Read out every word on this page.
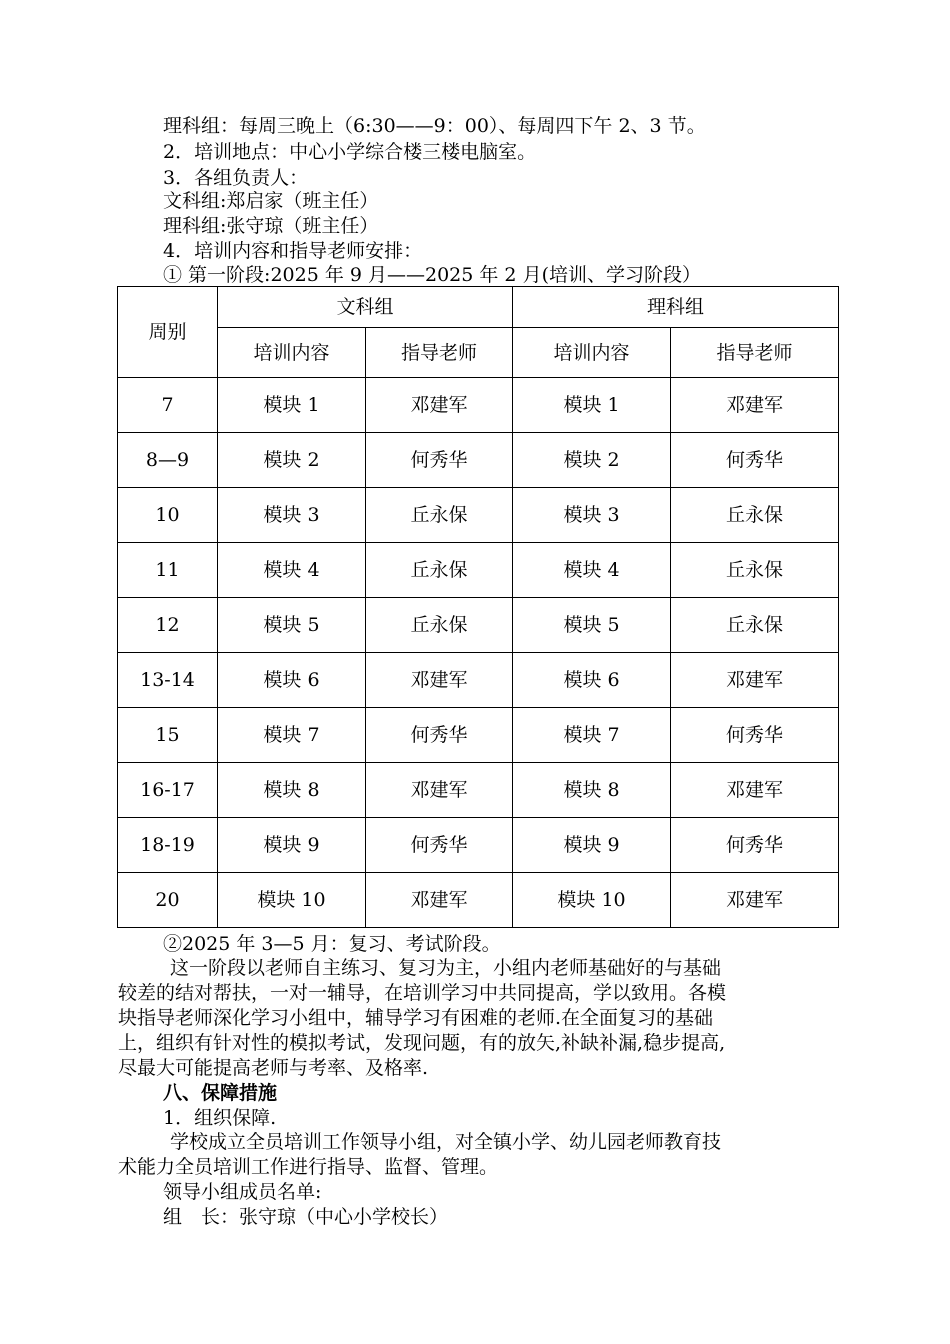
理科组：每周三晚上（6:30——9：00）、每周四下午 2、3 节。
2．培训地点：中心小学综合楼三楼电脑室。
3．各组负责人：
文科组:郑启家（班主任）
理科组:张守琼（班主任）
4．培训内容和指导老师安排：
① 第一阶段:2025 年 9 月——2025 年 2 月(培训、学习阶段）
周别	文科组		理科组	
	培训内容	指导老师	培训内容	指导老师
7	模块 1	邓建军	模块 1	邓建军
8—9	模块 2	何秀华	模块 2	何秀华
10	模块 3	丘永保	模块 3	丘永保
11	模块 4	丘永保	模块 4	丘永保
12	模块 5	丘永保	模块 5	丘永保
13-14	模块 6	邓建军	模块 6	邓建军
15	模块 7	何秀华	模块 7	何秀华
16-17	模块 8	邓建军	模块 8	邓建军
18-19	模块 9	何秀华	模块 9	何秀华
20	模块 10	邓建军	模块 10	邓建军
②2025 年 3—5 月：复习、考试阶段。
这一阶段以老师自主练习、复习为主，小组内老师基础好的与基础
较差的结对帮扶，一对一辅导，在培训学习中共同提高，学以致用。各模
块指导老师深化学习小组中，辅导学习有困难的老师.在全面复习的基础
上，组织有针对性的模拟考试，发现问题，有的放矢,补缺补漏,稳步提高,
尽最大可能提高老师与考率、及格率.
八、保障措施
1．组织保障.
学校成立全员培训工作领导小组，对全镇小学、幼儿园老师教育技
术能力全员培训工作进行指导、监督、管理。
领导小组成员名单:
组　长：张守琼（中心小学校长）
